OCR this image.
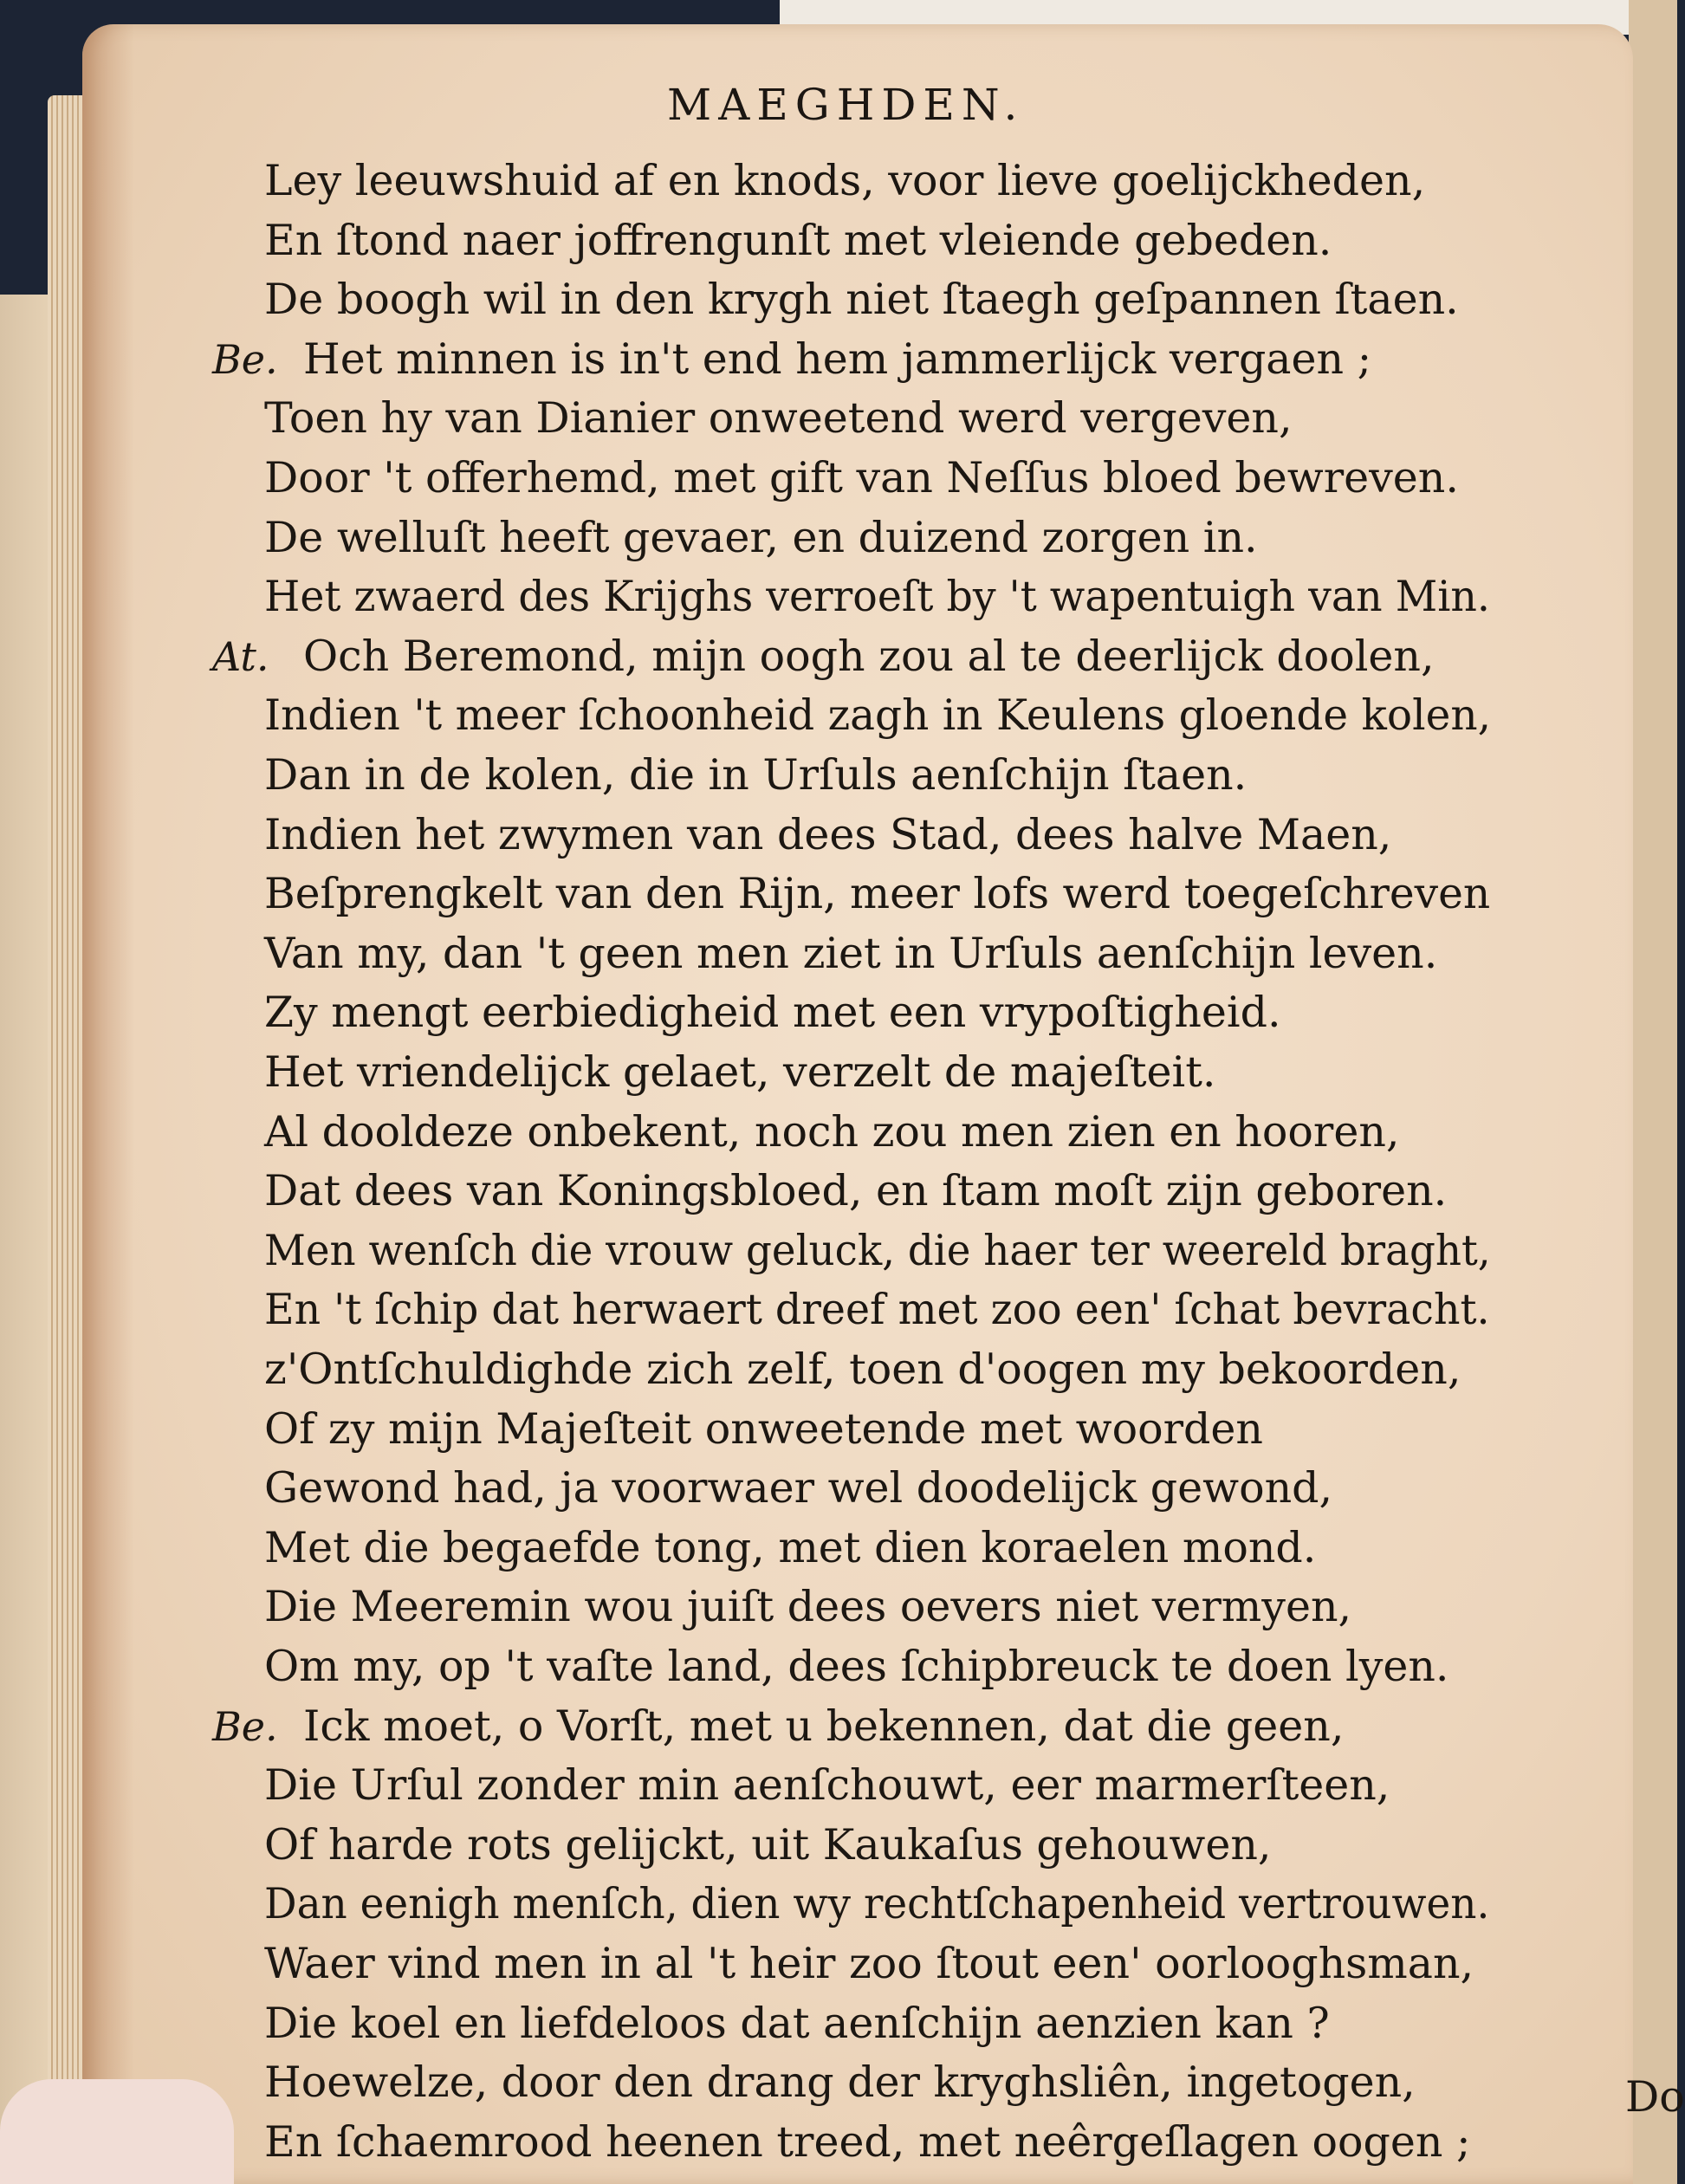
MAEGHDEN.
Ley leeuwshuid af en knods, voor lieve goelijckheden,
En ſtond naer joffrengunſt met vleiende gebeden.
De boogh wil in den krygh niet ſtaegh geſpannen ſtaen.
Be. Het minnen is in't end hem jammerlijck vergaen ;
Toen hy van Dianier onweetend werd vergeven,
Door 't offerhemd, met gift van Neſſus bloed bewreven.
De welluſt heeft gevaer, en duizend zorgen in.
Het zwaerd des Krijghs verroeſt by 't wapentuigh van Min.
At. Och Beremond, mijn oogh zou al te deerlijck doolen,
Indien 't meer ſchoonheid zagh in Keulens gloende kolen,
Dan in de kolen, die in Urſuls aenſchijn ſtaen.
Indien het zwymen van dees Stad, dees halve Maen,
Beſprengkelt van den Rijn, meer lofs werd toegeſchreven
Van my, dan 't geen men ziet in Urſuls aenſchijn leven.
Zy mengt eerbiedigheid met een vrypoſtigheid.
Het vriendelijck gelaet, verzelt de majeſteit.
Al dooldeze onbekent, noch zou men zien en hooren,
Dat dees van Koningsbloed, en ſtam moſt zijn geboren.
Men wenſch die vrouw geluck, die haer ter weereld braght,
En 't ſchip dat herwaert dreef met zoo een' ſchat bevracht.
z'Ontſchuldighde zich zelf, toen d'oogen my bekoorden,
Of zy mijn Majeſteit onweetende met woorden
Gewond had, ja voorwaer wel doodelijck gewond,
Met die begaefde tong, met dien koraelen mond.
Die Meeremin wou juiſt dees oevers niet vermyen,
Om my, op 't vaſte land, dees ſchipbreuck te doen lyen.
Be. Ick moet, o Vorſt, met u bekennen, dat die geen,
Die Urſul zonder min aenſchouwt, eer marmerſteen,
Of harde rots gelijckt, uit Kaukaſus gehouwen,
Dan eenigh menſch, dien wy rechtſchapenheid vertrouwen.
Waer vind men in al 't heir zoo ſtout een' oorlooghsman,
Die koel en liefdeloos dat aenſchijn aenzien kan ?
Hoewelze, door den drang der kryghsliên, ingetogen,
En ſchaemrood heenen treed, met neêrgeſlagen oogen ;
Do
